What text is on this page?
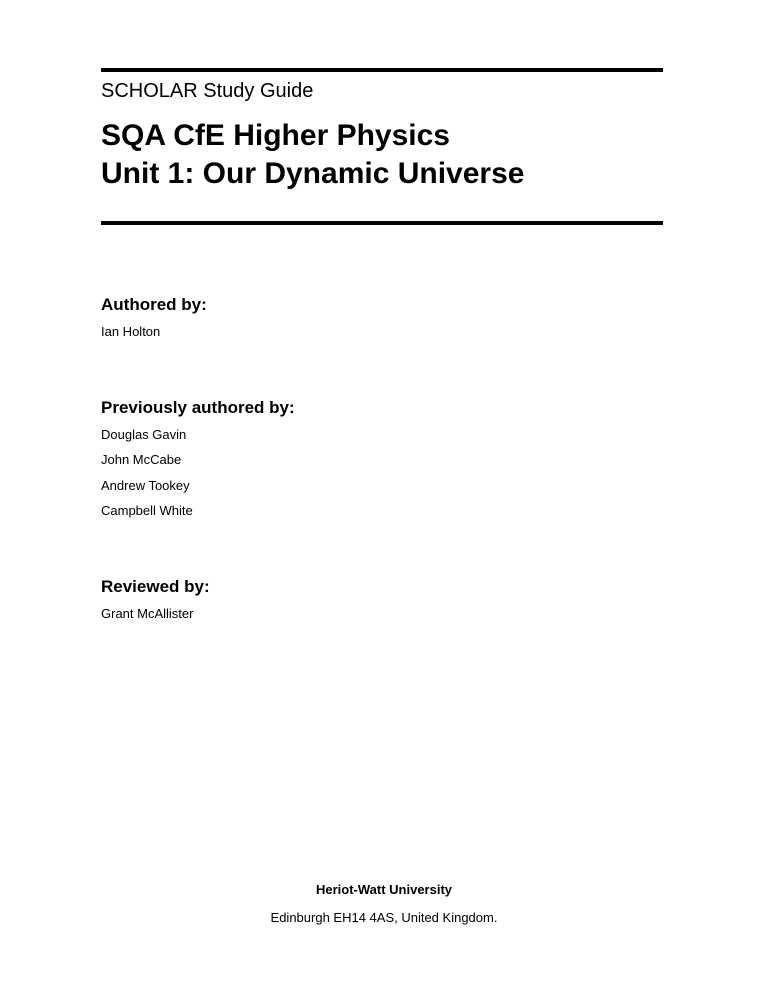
SCHOLAR Study Guide
SQA CfE Higher Physics
Unit 1: Our Dynamic Universe
Authored by:
Ian Holton
Previously authored by:
Douglas Gavin
John McCabe
Andrew Tookey
Campbell White
Reviewed by:
Grant McAllister
Heriot-Watt University
Edinburgh EH14 4AS, United Kingdom.
